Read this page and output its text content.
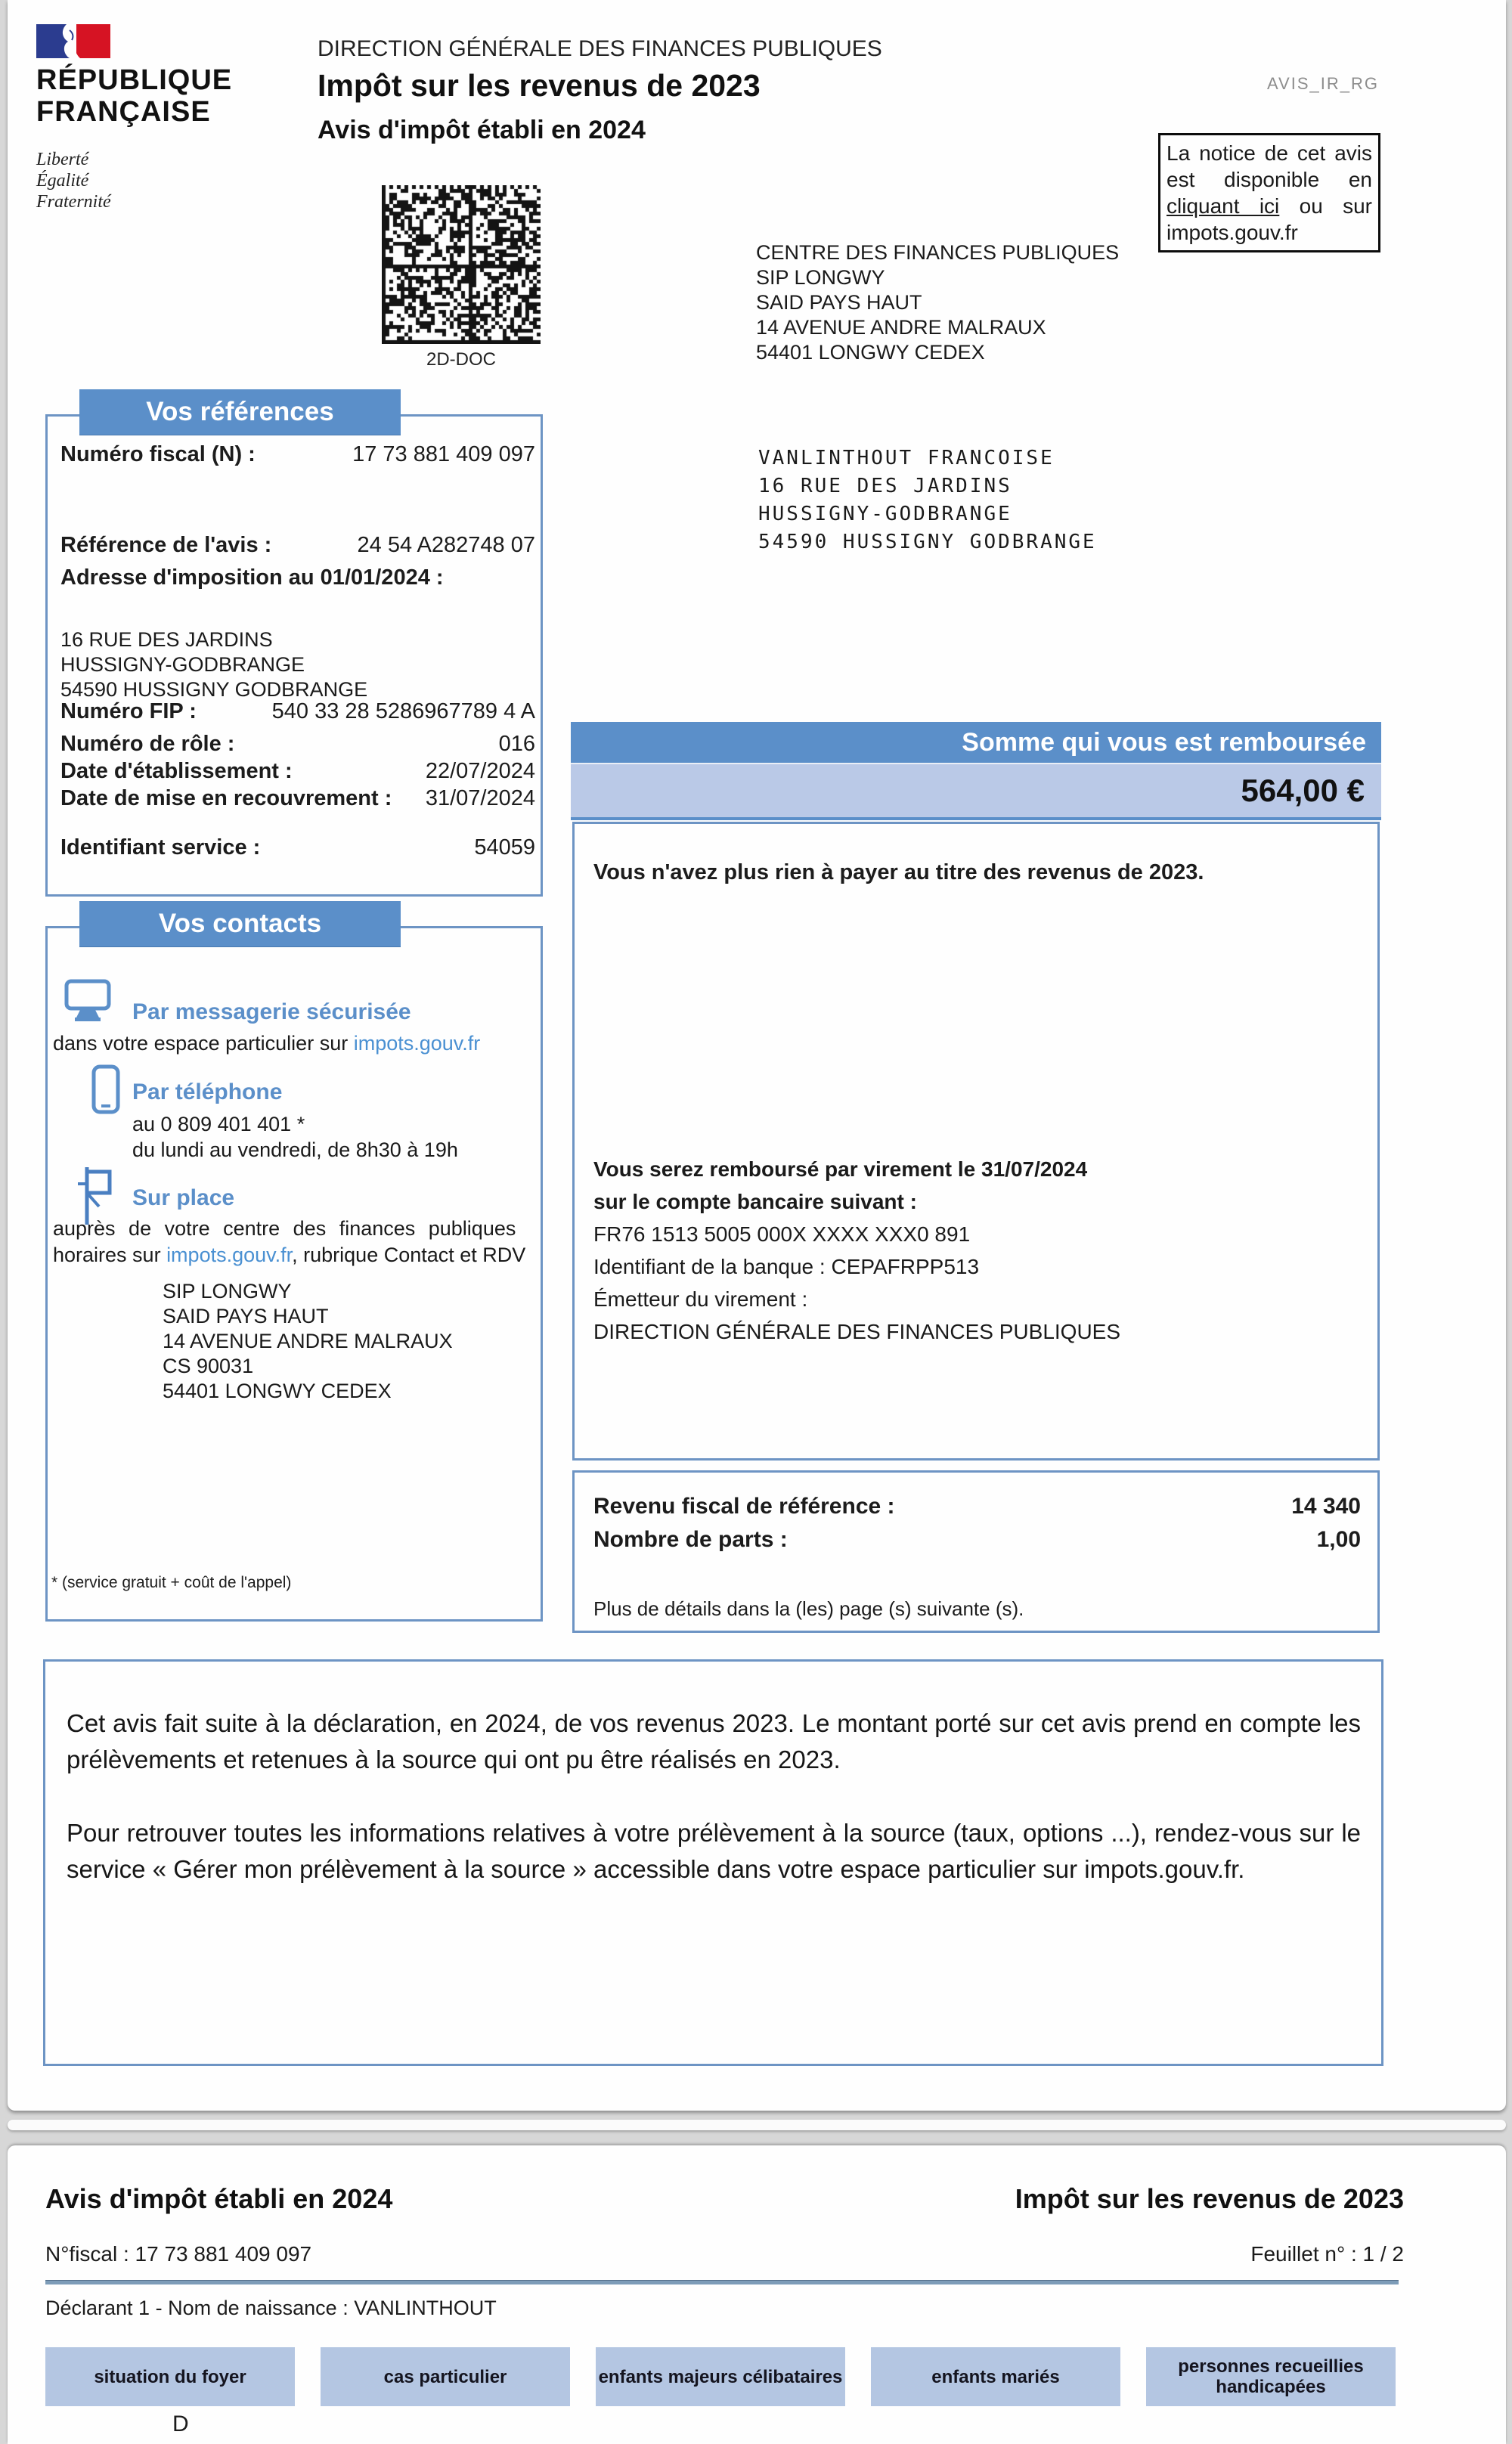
RÉPUBLIQUE
FRANÇAISE
Liberté
Égalité
Fraternité
DIRECTION GÉNÉRALE DES FINANCES PUBLIQUES
Impôt sur les revenus de 2023
Avis d'impôt établi en 2024
AVIS_IR_RG
La notice de cet avis est disponible en cliquant ici ou sur impots.gouv.fr
2D-DOC
CENTRE DES FINANCES PUBLIQUES
SIP LONGWY
SAID PAYS HAUT
14 AVENUE ANDRE MALRAUX
54401 LONGWY CEDEX
VANLINTHOUT FRANCOISE
16 RUE DES JARDINS
HUSSIGNY-GODBRANGE
54590 HUSSIGNY GODBRANGE
Vos références
Numéro fiscal (N) :	17 73 881 409 097
Référence de l'avis :	24 54 A282748 07
Adresse d'imposition au 01/01/2024 :
16 RUE DES JARDINS
HUSSIGNY-GODBRANGE
54590 HUSSIGNY GODBRANGE
Numéro FIP :	540 33 28 5286967789 4 A
Numéro de rôle :	016
Date d'établissement :	22/07/2024
Date de mise en recouvrement : 31/07/2024
Identifiant service :	54059
Somme qui vous est remboursée
564,00 €
Vous n'avez plus rien à payer au titre des revenus de 2023.
Vous serez remboursé par virement le 31/07/2024
sur le compte bancaire suivant :
FR76 1513 5005 000X XXXX XXX0 891
Identifiant de la banque : CEPAFRPP513
Émetteur du virement :
DIRECTION GÉNÉRALE DES FINANCES PUBLIQUES
Vos contacts
Par messagerie sécurisée
dans votre espace particulier sur impots.gouv.fr
Par téléphone
au 0 809 401 401 *
du lundi au vendredi, de 8h30 à 19h
Sur place
auprès de votre centre des finances publiques
horaires sur impots.gouv.fr, rubrique Contact et RDV
SIP LONGWY
SAID PAYS HAUT
14 AVENUE ANDRE MALRAUX
CS 90031
54401 LONGWY CEDEX
* (service gratuit + coût de l'appel)
Revenu fiscal de référence :	14 340
Nombre de parts :	1,00
Plus de détails dans la (les) page (s) suivante (s).
Cet avis fait suite à la déclaration, en 2024, de vos revenus 2023. Le montant porté sur cet avis prend en compte les prélèvements et retenues à la source qui ont pu être réalisés en 2023.
Pour retrouver toutes les informations relatives à votre prélèvement à la source (taux, options ...), rendez-vous sur le service « Gérer mon prélèvement à la source » accessible dans votre espace particulier sur impots.gouv.fr.
Avis d'impôt établi en 2024	Impôt sur les revenus de 2023
N°fiscal : 17 73 881 409 097	Feuillet n° : 1 / 2
Déclarant 1 - Nom de naissance : VANLINTHOUT
situation du foyer	cas particulier	enfants majeurs célibataires	enfants mariés	personnes recueillies handicapées
D
